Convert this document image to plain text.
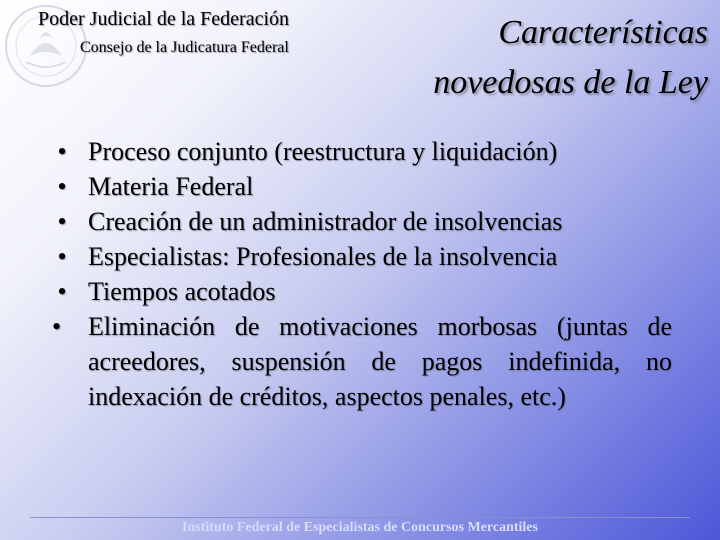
Poder Judicial de la Federación
Consejo de la Judicatura Federal	Características
novedosas de la Ley
• Proceso conjunto (reestructura y liquidación)
• Materia Federal
• Creación de un administrador de insolvencias
• Especialistas: Profesionales de la insolvencia
• Tiempos acotados
•	Eliminación de motivaciones morbosas (juntas de acreedores, suspensión de pagos indefinida, no indexación de créditos, aspectos penales, etc.)
Instituto Federal de Especialistas de Concursos Mercantiles
